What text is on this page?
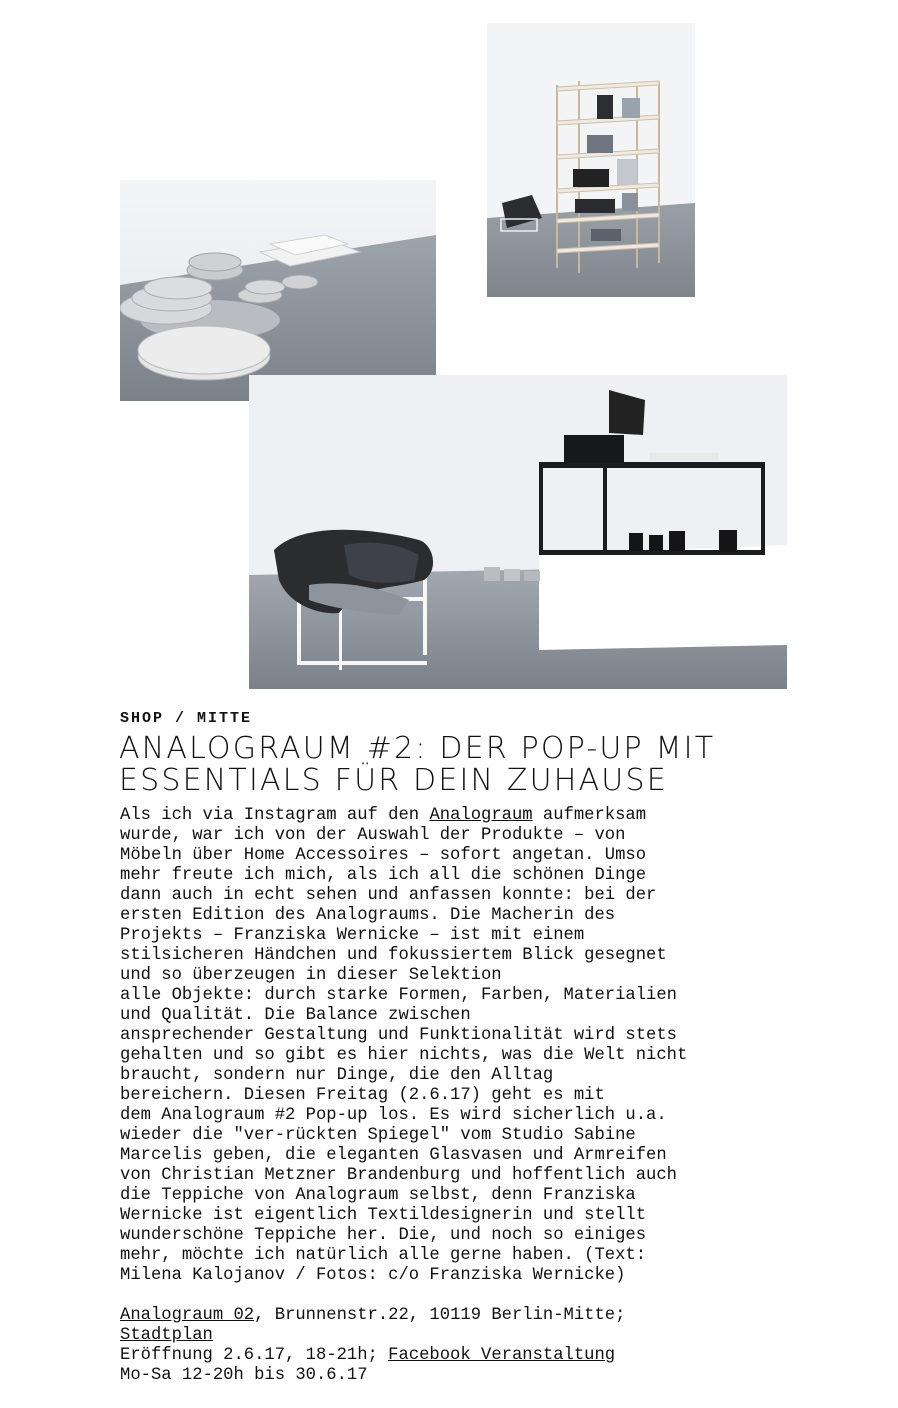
SHOP / MITTE
ANALOGRAUM #2: DER POP-UP MIT
ESSENTIALS FÜR DEIN ZUHAUSE

Als ich via Instagram auf den Analograum aufmerksam
wurde, war ich von der Auswahl der Produkte – von
Möbeln über Home Accessoires – sofort angetan. Umso
mehr freute ich mich, als ich all die schönen Dinge
dann auch in echt sehen und anfassen konnte: bei der
ersten Edition des Analograums. Die Macherin des
Projekts – Franziska Wernicke – ist mit einem
stilsicheren Händchen und fokussiertem Blick gesegnet
und so überzeugen in dieser Selektion
alle Objekte: durch starke Formen, Farben, Materialien
und Qualität. Die Balance zwischen
ansprechender Gestaltung und Funktionalität wird stets
gehalten und so gibt es hier nichts, was die Welt nicht
braucht, sondern nur Dinge, die den Alltag
bereichern. Diesen Freitag (2.6.17) geht es mit
dem Analograum #2 Pop-up los. Es wird sicherlich u.a.
wieder die "ver-rückten Spiegel" vom Studio Sabine
Marcelis geben, die eleganten Glasvasen und Armreifen
von Christian Metzner Brandenburg und hoffentlich auch
die Teppiche von Analograum selbst, denn Franziska
Wernicke ist eigentlich Textildesignerin und stellt
wunderschöne Teppiche her. Die, und noch so einiges
mehr, möchte ich natürlich alle gerne haben. (Text:
Milena Kalojanov / Fotos: c/o Franziska Wernicke)

Analograum 02, Brunnenstr.22, 10119 Berlin-Mitte;
Stadtplan
Eröffnung 2.6.17, 18-21h; Facebook Veranstaltung
Mo-Sa 12-20h bis 30.6.17
